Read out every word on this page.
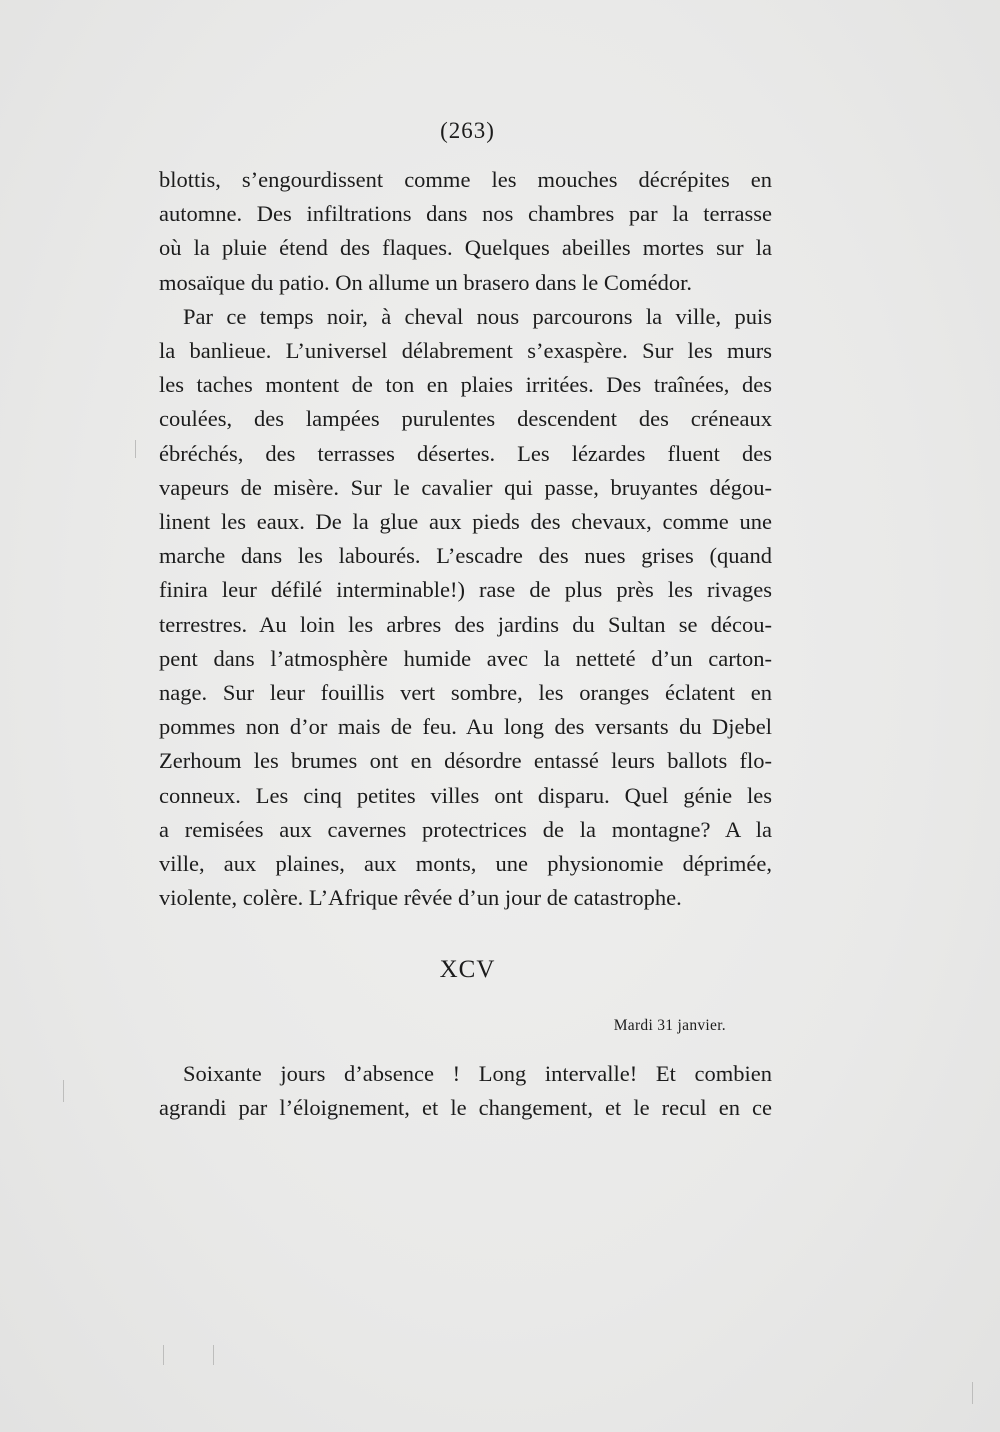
(263)
blottis, s’engourdissent comme les mouches décrépites en
automne. Des infiltrations dans nos chambres par la terrasse
où la pluie étend des flaques. Quelques abeilles mortes sur la
mosaïque du patio. On allume un brasero dans le Comédor.
Par ce temps noir, à cheval nous parcourons la ville, puis
la banlieue. L’universel délabrement s’exaspère. Sur les murs
les taches montent de ton en plaies irritées. Des traînées, des
coulées, des lampées purulentes descendent des créneaux
ébréchés, des terrasses désertes. Les lézardes fluent des
vapeurs de misère. Sur le cavalier qui passe, bruyantes dégou-
linent les eaux. De la glue aux pieds des chevaux, comme une
marche dans les labourés. L’escadre des nues grises (quand
finira leur défilé interminable!) rase de plus près les rivages
terrestres. Au loin les arbres des jardins du Sultan se décou-
pent dans l’atmosphère humide avec la netteté d’un carton-
nage. Sur leur fouillis vert sombre, les oranges éclatent en
pommes non d’or mais de feu. Au long des versants du Djebel
Zerhoum les brumes ont en désordre entassé leurs ballots flo-
conneux. Les cinq petites villes ont disparu. Quel génie les
a remisées aux cavernes protectrices de la montagne? A la
ville, aux plaines, aux monts, une physionomie déprimée,
violente, colère. L’Afrique rêvée d’un jour de catastrophe.
XCV
Mardi 31 janvier.
Soixante jours d’absence ! Long intervalle! Et combien
agrandi par l’éloignement, et le changement, et le recul en ce
